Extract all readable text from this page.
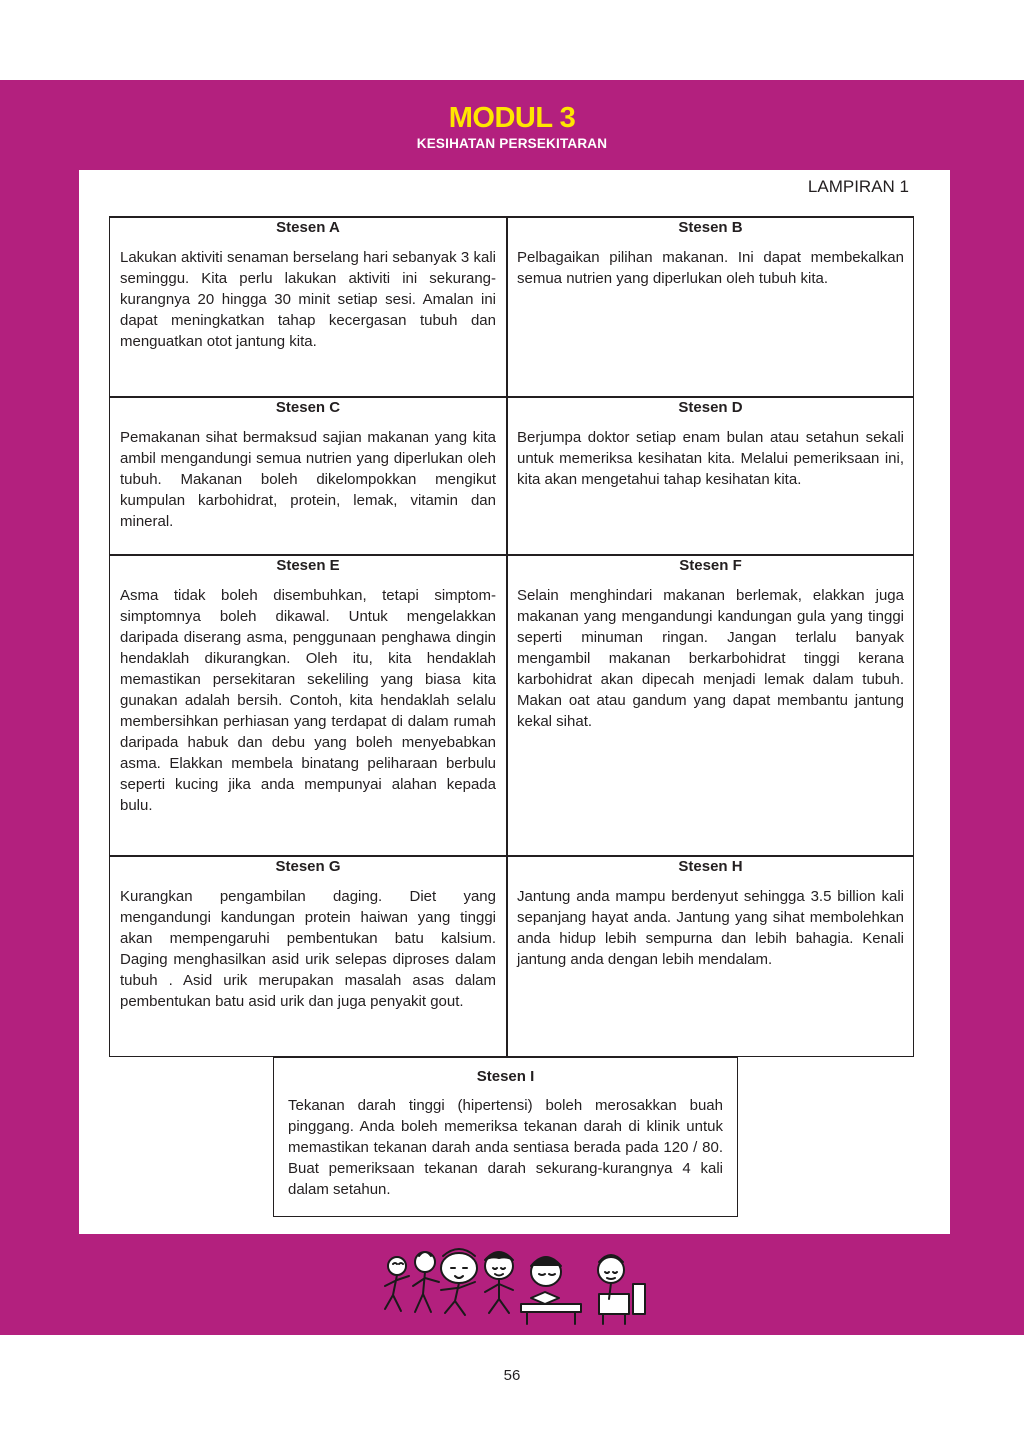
MODUL 3
KESIHATAN PERSEKITARAN
LAMPIRAN 1
Stesen A
Lakukan aktiviti senaman berselang hari sebanyak 3 kali seminggu. Kita perlu lakukan aktiviti ini sekurang-kurangnya 20 hingga 30 minit setiap sesi. Amalan ini dapat meningkatkan tahap kecergasan tubuh dan menguatkan otot jantung kita.
Stesen B
Pelbagaikan pilihan makanan. Ini dapat membekalkan semua nutrien yang diperlukan oleh tubuh kita.
Stesen C
Pemakanan sihat bermaksud sajian makanan yang kita ambil mengandungi semua nutrien yang diperlukan oleh tubuh. Makanan boleh dikelompokkan mengikut kumpulan karbohidrat, protein, lemak, vitamin dan mineral.
Stesen D
Berjumpa doktor setiap enam bulan atau setahun sekali untuk memeriksa kesihatan kita. Melalui pemeriksaan ini, kita akan mengetahui tahap kesihatan kita.
Stesen E
Asma tidak boleh disembuhkan, tetapi simptom-simptomnya boleh dikawal. Untuk mengelakkan daripada diserang asma, penggunaan penghawa dingin hendaklah dikurangkan. Oleh itu, kita hendaklah memastikan persekitaran sekeliling yang biasa kita gunakan adalah bersih. Contoh, kita hendaklah selalu membersihkan perhiasan yang terdapat di dalam rumah daripada habuk dan debu yang boleh menyebabkan asma. Elakkan membela binatang peliharaan berbulu seperti kucing jika anda mempunyai alahan kepada bulu.
Stesen F
Selain menghindari makanan berlemak, elakkan juga makanan yang mengandungi kandungan gula yang tinggi seperti minuman ringan. Jangan terlalu banyak mengambil makanan berkarbohidrat tinggi kerana karbohidrat akan dipecah menjadi lemak dalam tubuh. Makan oat atau gandum yang dapat membantu jantung kekal sihat.
Stesen G
Kurangkan pengambilan daging. Diet yang mengandungi kandungan protein haiwan yang tinggi akan mempengaruhi pembentukan batu kalsium. Daging menghasilkan asid urik selepas diproses dalam tubuh . Asid urik merupakan masalah asas dalam pembentukan batu asid urik dan juga penyakit gout.
Stesen H
Jantung anda mampu berdenyut sehingga 3.5 billion kali sepanjang hayat anda. Jantung yang sihat membolehkan anda hidup lebih sempurna dan lebih bahagia. Kenali jantung anda dengan lebih mendalam.
Stesen I
Tekanan darah tinggi (hipertensi) boleh merosakkan buah pinggang. Anda boleh memeriksa tekanan darah di klinik untuk memastikan tekanan darah anda sentiasa berada pada 120 / 80. Buat pemeriksaan tekanan darah sekurang-kurangnya 4 kali dalam setahun.
56
